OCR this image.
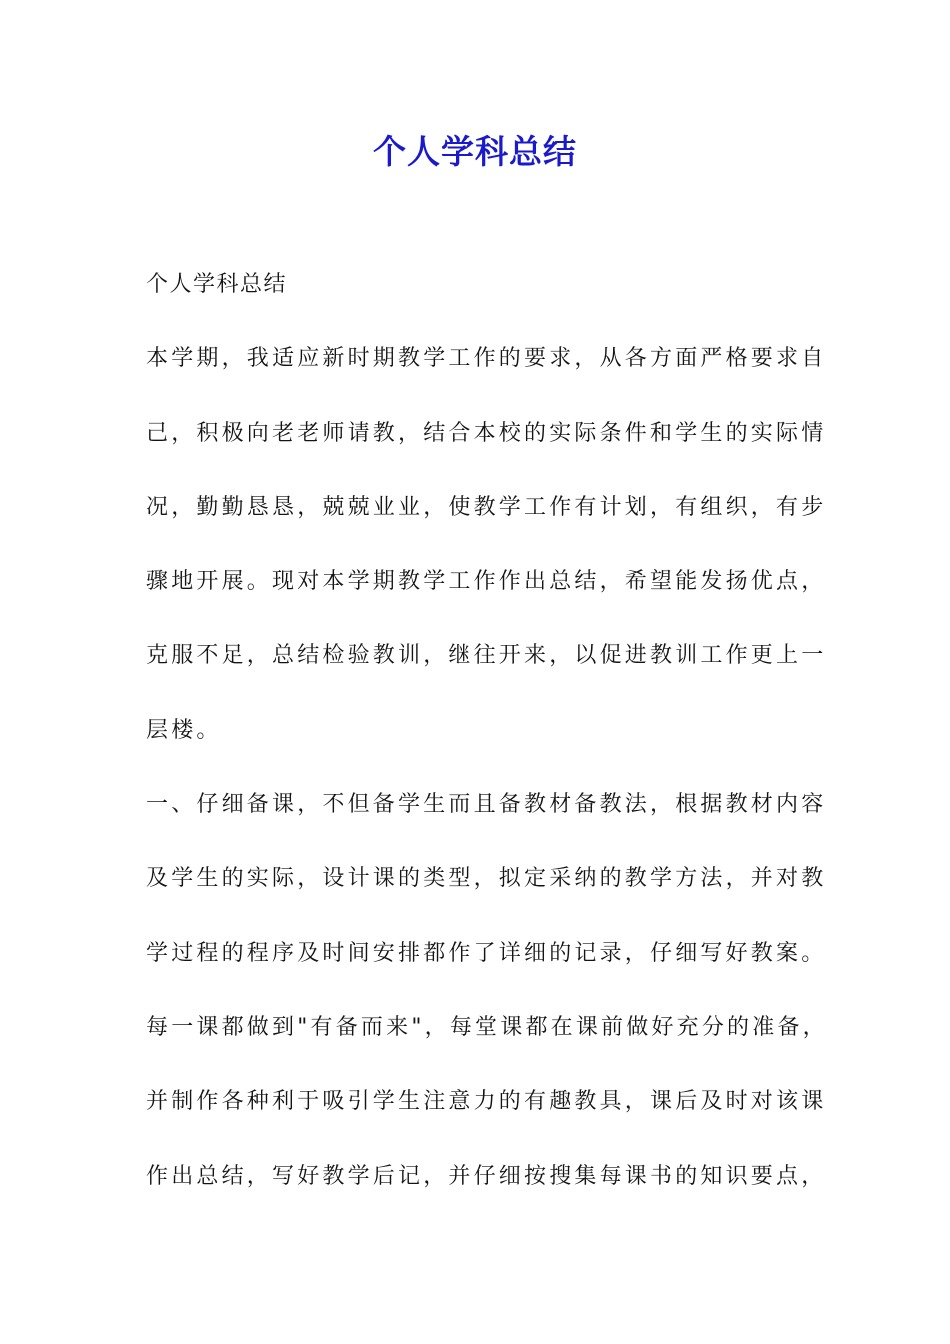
个人学科总结
个人学科总结
本学期，我适应新时期教学工作的要求，从各方面严格要求自
己，积极向老老师请教，结合本校的实际条件和学生的实际情
况，勤勤恳恳，兢兢业业，使教学工作有计划，有组织，有步
骤地开展。现对本学期教学工作作出总结，希望能发扬优点，
克服不足，总结检验教训，继往开来，以促进教训工作更上一
层楼。
一、仔细备课，不但备学生而且备教材备教法，根据教材内容
及学生的实际，设计课的类型，拟定采纳的教学方法，并对教
学过程的程序及时间安排都作了详细的记录，仔细写好教案。
每一课都做到"有备而来"，每堂课都在课前做好充分的准备，
并制作各种利于吸引学生注意力的有趣教具，课后及时对该课
作出总结，写好教学后记，并仔细按搜集每课书的知识要点，
